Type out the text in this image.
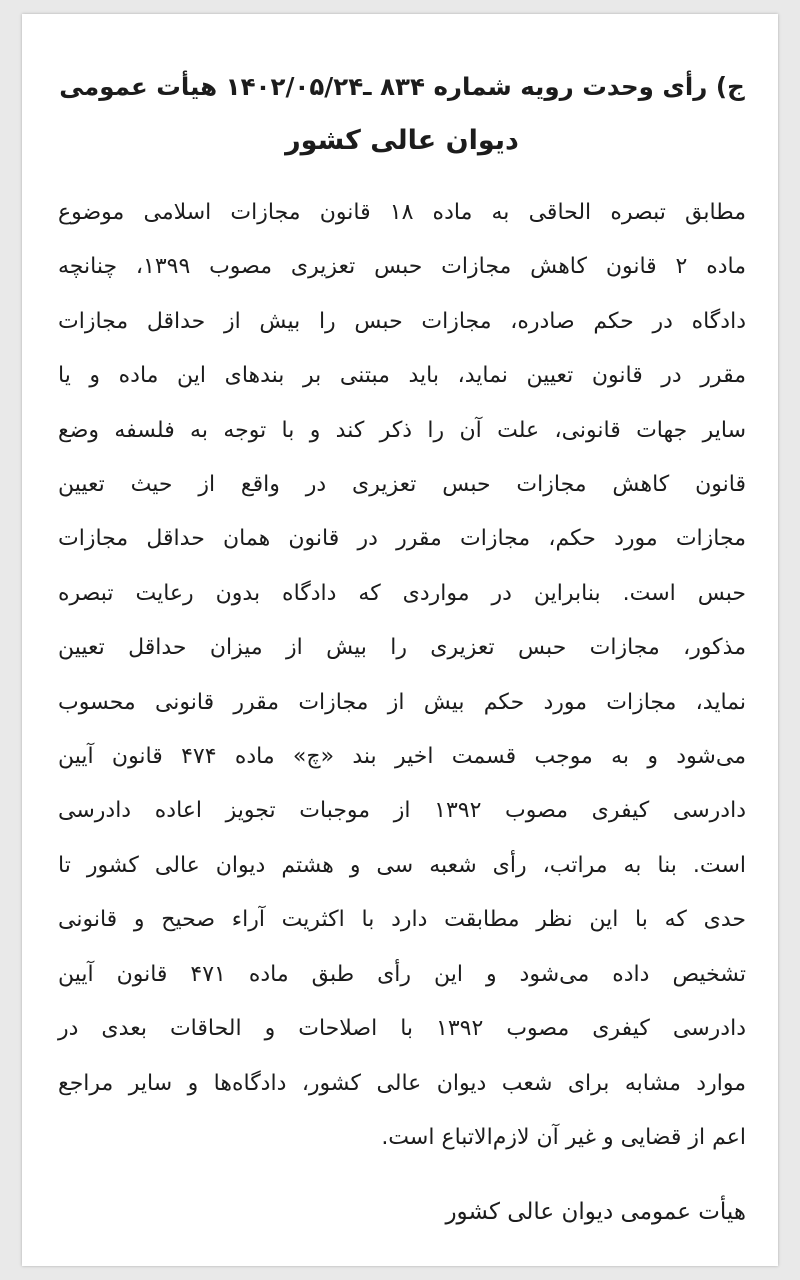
ج) رأی وحدت رویه شماره ۸۳۴ ـ۱۴۰۲/۰۵/۲۴ هیأت عمومی
دیوان عالی کشور
مطابق تبصره الحاقی به ماده ۱۸ قانون مجازات اسلامی موضوع
ماده ۲ قانون کاهش مجازات حبس تعزیری مصوب ۱۳۹۹، چنانچه
دادگاه در حکم صادره، مجازات حبس را بیش از حداقل مجازات
مقرر در قانون تعیین نماید، باید مبتنی بر بندهای این ماده و یا
سایر جهات قانونی، علت آن را ذکر کند و با توجه به فلسفه وضع
قانون کاهش مجازات حبس تعزیری در واقع از حیث تعیین
مجازات مورد حکم، مجازات مقرر در قانون همان حداقل مجازات
حبس است. بنابراین در مواردی که دادگاه بدون رعایت تبصره
مذکور، مجازات حبس تعزیری را بیش از میزان حداقل تعیین
نماید، مجازات مورد حکم بیش از مجازات مقرر قانونی محسوب
می‌شود و به موجب قسمت اخیر بند «چ» ماده ۴۷۴ قانون آیین
دادرسی کیفری مصوب ۱۳۹۲ از موجبات تجویز اعاده دادرسی
است. بنا به مراتب، رأی شعبه سی و هشتم دیوان عالی کشور تا
حدی که با این نظر مطابقت دارد با اکثریت آراء صحیح و قانونی
تشخیص داده می‌شود و این رأی طبق ماده ۴۷۱ قانون آیین
دادرسی کیفری مصوب ۱۳۹۲ با اصلاحات و الحاقات بعدی در
موارد مشابه برای شعب دیوان عالی کشور، دادگاه‌ها و سایر مراجع
اعم از قضایی و غیر آن لازم‌الاتباع است.
هیأت عمومی دیوان عالی کشور
